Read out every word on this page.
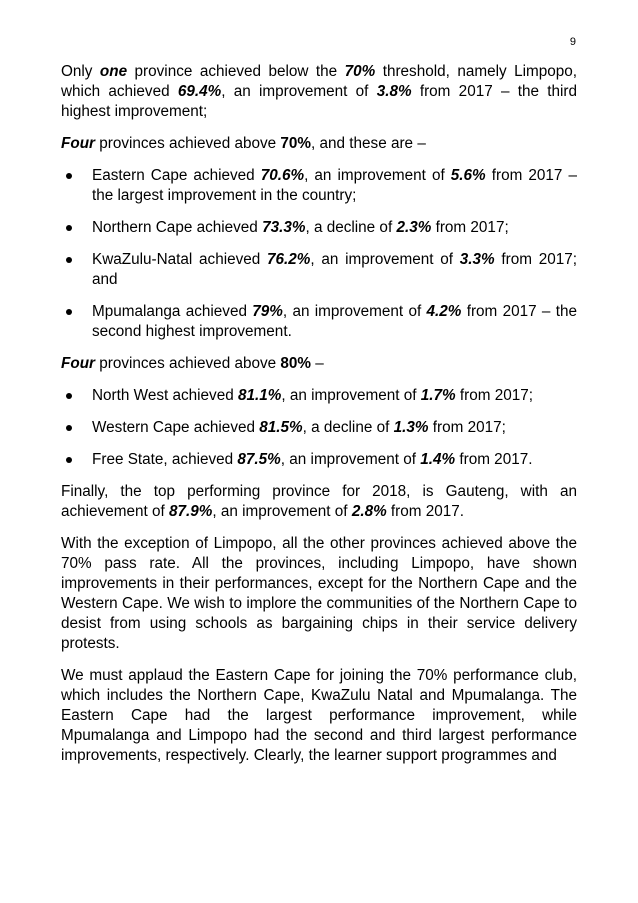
9

Only one province achieved below the 70% threshold, namely Limpopo, which achieved 69.4%, an improvement of 3.8% from 2017 – the third highest improvement;

Four provinces achieved above 70%, and these are –

Eastern Cape achieved 70.6%, an improvement of 5.6% from 2017 – the largest improvement in the country;
Northern Cape achieved 73.3%, a decline of 2.3% from 2017;
KwaZulu-Natal achieved 76.2%, an improvement of 3.3% from 2017; and
Mpumalanga achieved 79%, an improvement of 4.2% from 2017 – the second highest improvement.

Four provinces achieved above 80% –

North West achieved 81.1%, an improvement of 1.7% from 2017;
Western Cape achieved 81.5%, a decline of 1.3% from 2017;
Free State, achieved 87.5%, an improvement of 1.4% from 2017.

Finally, the top performing province for 2018, is Gauteng, with an achievement of 87.9%, an improvement of 2.8% from 2017.

With the exception of Limpopo, all the other provinces achieved above the 70% pass rate. All the provinces, including Limpopo, have shown improvements in their performances, except for the Northern Cape and the Western Cape. We wish to implore the communities of the Northern Cape to desist from using schools as bargaining chips in their service delivery protests.

We must applaud the Eastern Cape for joining the 70% performance club, which includes the Northern Cape, KwaZulu Natal and Mpumalanga. The Eastern Cape had the largest performance improvement, while Mpumalanga and Limpopo had the second and third largest performance improvements, respectively. Clearly, the learner support programmes and
